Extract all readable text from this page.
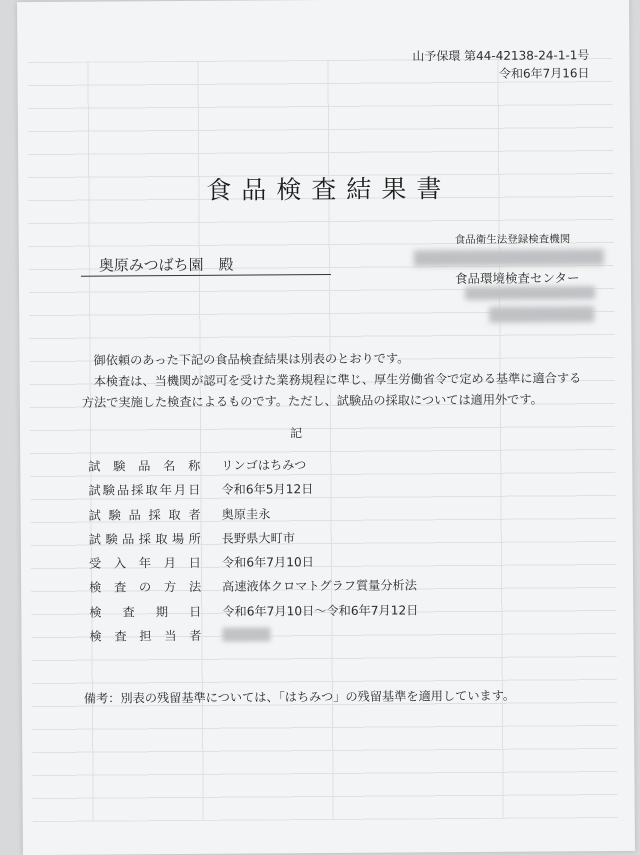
山予保環 第44-42138-24-1-1号
令和6年7月16日
食品検査結果書
奥原みつばち園　殿
食品衛生法登録検査機関
食品環境検査センター
御依頼のあった下記の食品検査結果は別表のとおりです。
本検査は、当機関が認可を受けた業務規程に準じ、厚生労働省令で定める基準に適合する方法で実施した検査によるものです。ただし、試験品の採取については適用外です。
記
試験品名称 リンゴはちみつ
試験品採取年月日 令和6年5月12日
試験品採取者 奥原圭永
試験品採取場所 長野県大町市
受入年月日 令和6年7月10日
検査の方法 高速液体クロマトグラフ質量分析法
検査期日 令和6年7月10日～令和6年7月12日
検査担当者
備考：別表の残留基準については、「はちみつ」の残留基準を適用しています。
